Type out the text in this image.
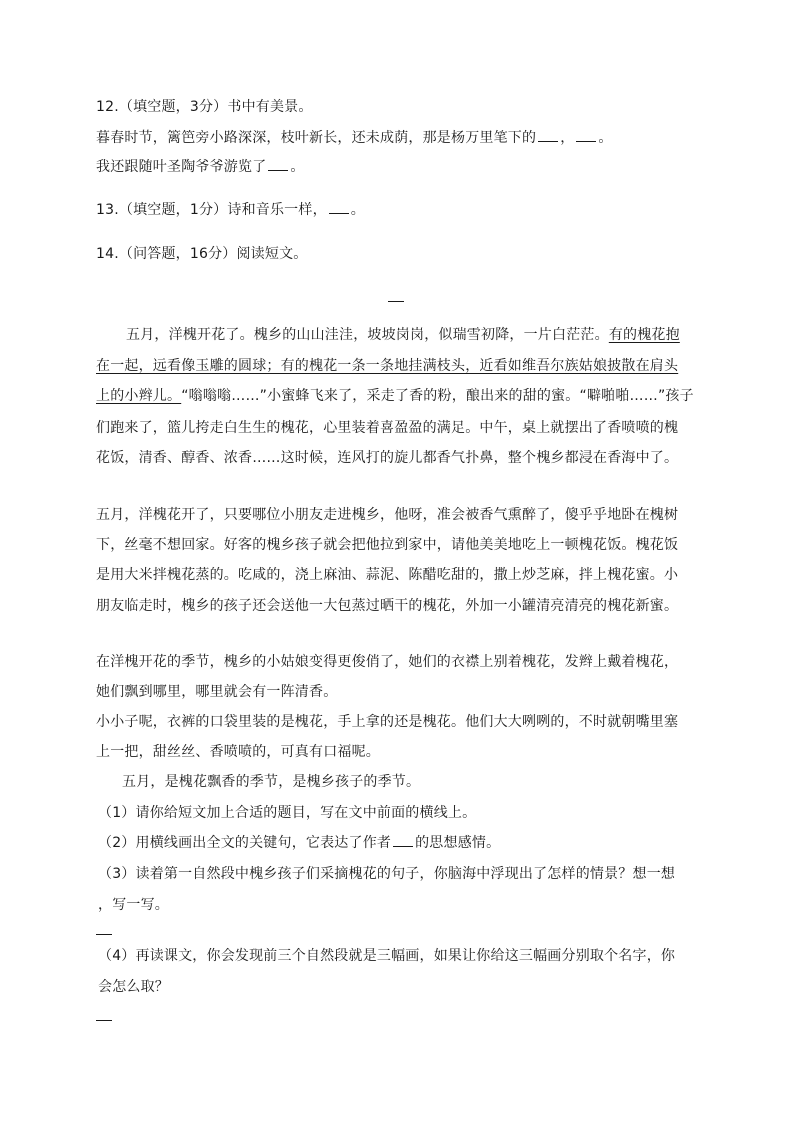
12.（填空题，3分）书中有美景。
暮春时节，篱笆旁小路深深，枝叶新长，还未成荫，那是杨万里笔下的 ， 。
我还跟随叶圣陶爷爷游览了 。
13.（填空题，1分）诗和音乐一样， 。
14.（问答题，16分）阅读短文。
五月，洋槐开花了。槐乡的山山洼洼，坡坡岗岗，似瑞雪初降，一片白茫茫。有的槐花抱
在一起，远看像玉雕的圆球；有的槐花一条一条地挂满枝头，近看如维吾尔族姑娘披散在肩头
上的小辫儿。“嗡嗡嗡……”小蜜蜂飞来了，采走了香的粉，酿出来的甜的蜜。“噼啪啪……”孩子
们跑来了，篮儿挎走白生生的槐花，心里装着喜盈盈的满足。中午，桌上就摆出了香喷喷的槐
花饭，清香、醇香、浓香……这时候，连风打的旋儿都香气扑鼻，整个槐乡都浸在香海中了。
五月，洋槐花开了，只要哪位小朋友走进槐乡，他呀，准会被香气熏醉了，傻乎乎地卧在槐树
下，丝毫不想回家。好客的槐乡孩子就会把他拉到家中，请他美美地吃上一顿槐花饭。槐花饭
是用大米拌槐花蒸的。吃咸的，浇上麻油、蒜泥、陈醋吃甜的，撒上炒芝麻，拌上槐花蜜。小
朋友临走时，槐乡的孩子还会送他一大包蒸过晒干的槐花，外加一小罐清亮清亮的槐花新蜜。
在洋槐开花的季节，槐乡的小姑娘变得更俊俏了，她们的衣襟上别着槐花，发辫上戴着槐花，
她们飘到哪里，哪里就会有一阵清香。
小小子呢，衣裤的口袋里装的是槐花，手上拿的还是槐花。他们大大咧咧的，不时就朝嘴里塞
上一把，甜丝丝、香喷喷的，可真有口福呢。
五月，是槐花飘香的季节，是槐乡孩子的季节。
（1）请你给短文加上合适的题目，写在文中前面的横线上。
（2）用横线画出全文的关键句，它表达了作者 的思想感情。
（3）读着第一自然段中槐乡孩子们采摘槐花的句子，你脑海中浮现出了怎样的情景？想一想
，写一写。
（4）再读课文，你会发现前三个自然段就是三幅画，如果让你给这三幅画分别取个名字，你
会怎么取？
